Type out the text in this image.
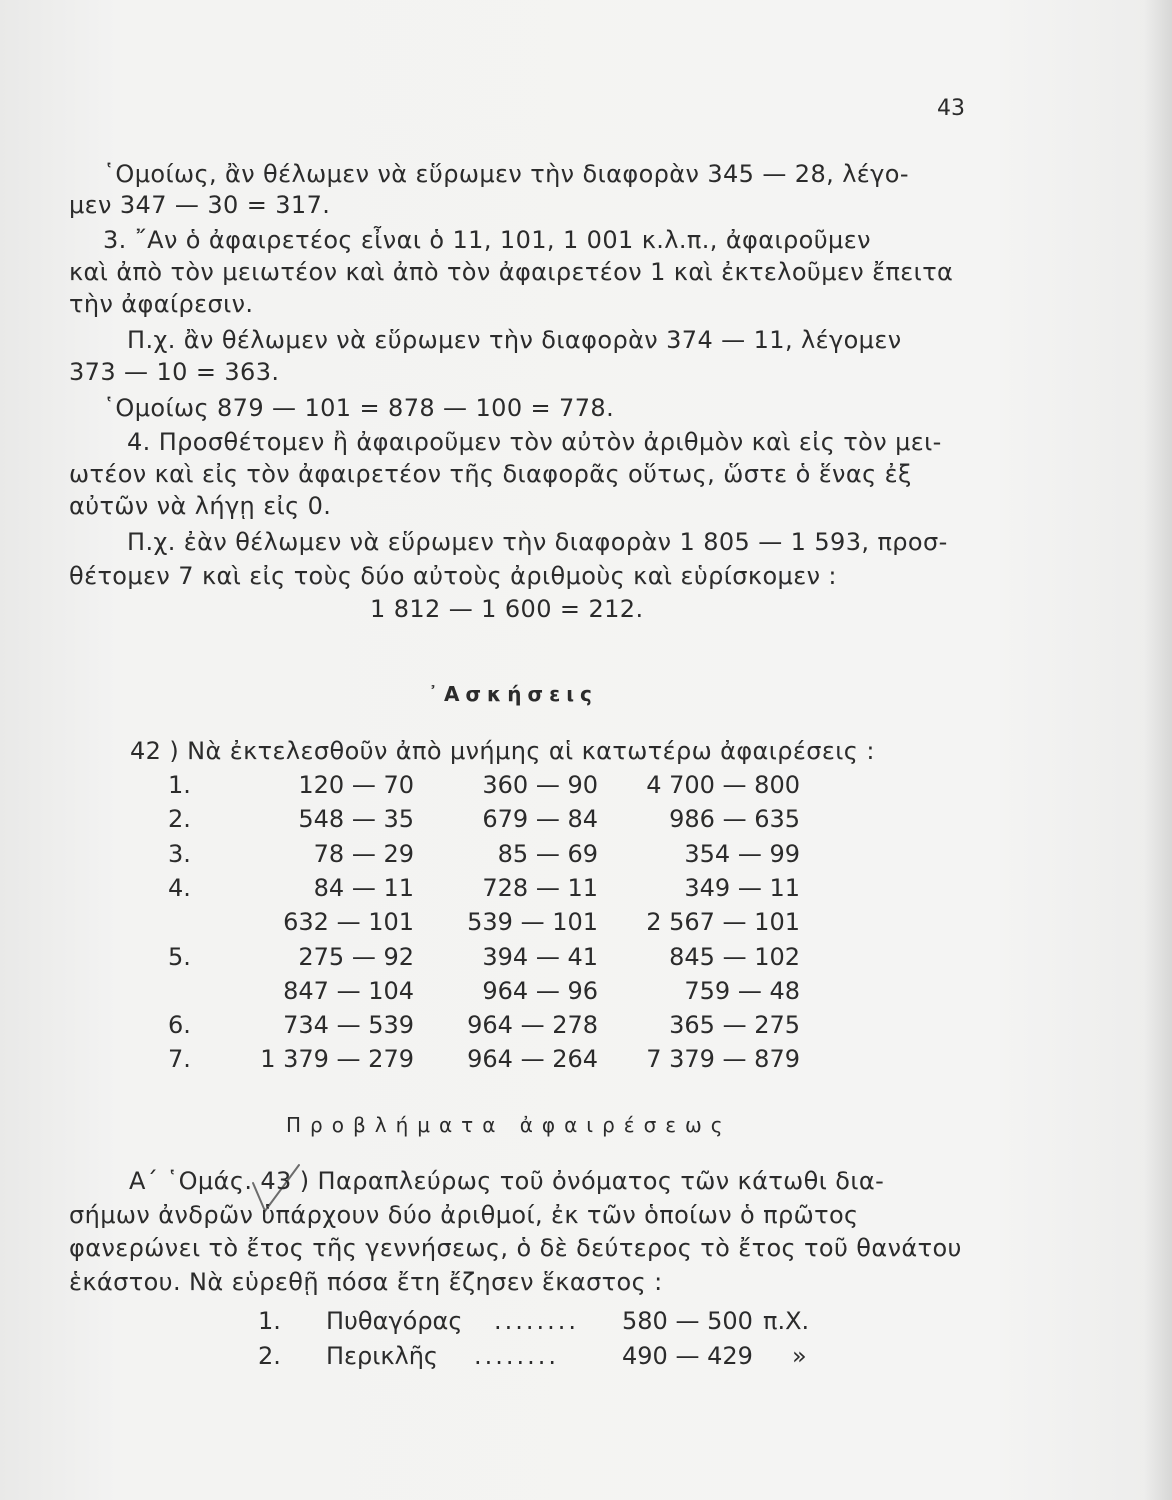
43
῾Ομοίως, ἂν θέλωμεν νὰ εὕρωμεν τὴν διαφορὰν 345 — 28, λέγο-
μεν 347 — 30 = 317.
3. ῎Αν ὁ ἀφαιρετέος εἶναι ὁ 11, 101, 1 001 κ.λ.π., ἀφαιροῦμεν
καὶ ἀπὸ τὸν μειωτέον καὶ ἀπὸ τὸν ἀφαιρετέον 1 καὶ ἐκτελοῦμεν ἔπειτα
τὴν ἀφαίρεσιν.
Π.χ. ἂν θέλωμεν νὰ εὕρωμεν τὴν διαφορὰν 374 — 11, λέγομεν
373 — 10 = 363.
῾Ομοίως 879 — 101 = 878 — 100 = 778.
4. Προσθέτομεν ἢ ἀφαιροῦμεν τὸν αὐτὸν ἀριθμὸν καὶ εἰς τὸν μει-
ωτέον καὶ εἰς τὸν ἀφαιρετέον τῆς διαφορᾶς οὕτως, ὥστε ὁ ἕνας ἐξ
αὐτῶν νὰ λήγῃ εἰς 0.
Π.χ. ἐὰν θέλωμεν νὰ εὕρωμεν τὴν διαφορὰν 1 805 — 1 593, προσ-
θέτομεν 7 καὶ εἰς τοὺς δύο αὐτοὺς ἀριθμοὺς καὶ εὑρίσκομεν :
1 812 — 1 600 = 212.
᾿Ασκήσεις
42 ) Νὰ ἐκτελεσθοῦν ἀπὸ μνήμης αἱ κατωτέρω ἀφαιρέσεις :
1.	120 — 70	360 — 90	4 700 — 800
2.	548 — 35	679 — 84	986 — 635
3.	78 — 29	85 — 69	354 — 99
4.	84 — 11	728 — 11	349 — 11
632 — 101	539 — 101	2 567 — 101
5.	275 — 92	394 — 41	845 — 102
847 — 104	964 — 96	759 — 48
6.	734 — 539	964 — 278	365 — 275
7.	1 379 — 279	964 — 264	7 379 — 879
Προβλήματα ἀφαιρέσεως
Α΄ ῾Ομάς. 43 ) Παραπλεύρως τοῦ ὀνόματος τῶν κάτωθι δια-
σήμων ἀνδρῶν ὑπάρχουν δύο ἀριθμοί, ἐκ τῶν ὁποίων ὁ πρῶτος
φανερώνει τὸ ἔτος τῆς γεννήσεως, ὁ δὲ δεύτερος τὸ ἔτος τοῦ θανάτου
ἑκάστου. Νὰ εὑρεθῇ πόσα ἔτη ἔζησεν ἕκαστος :
1. Πυθαγόρας ........ 580 — 500 π.Χ.
2. Περικλῆς ........	490 — 429 »
